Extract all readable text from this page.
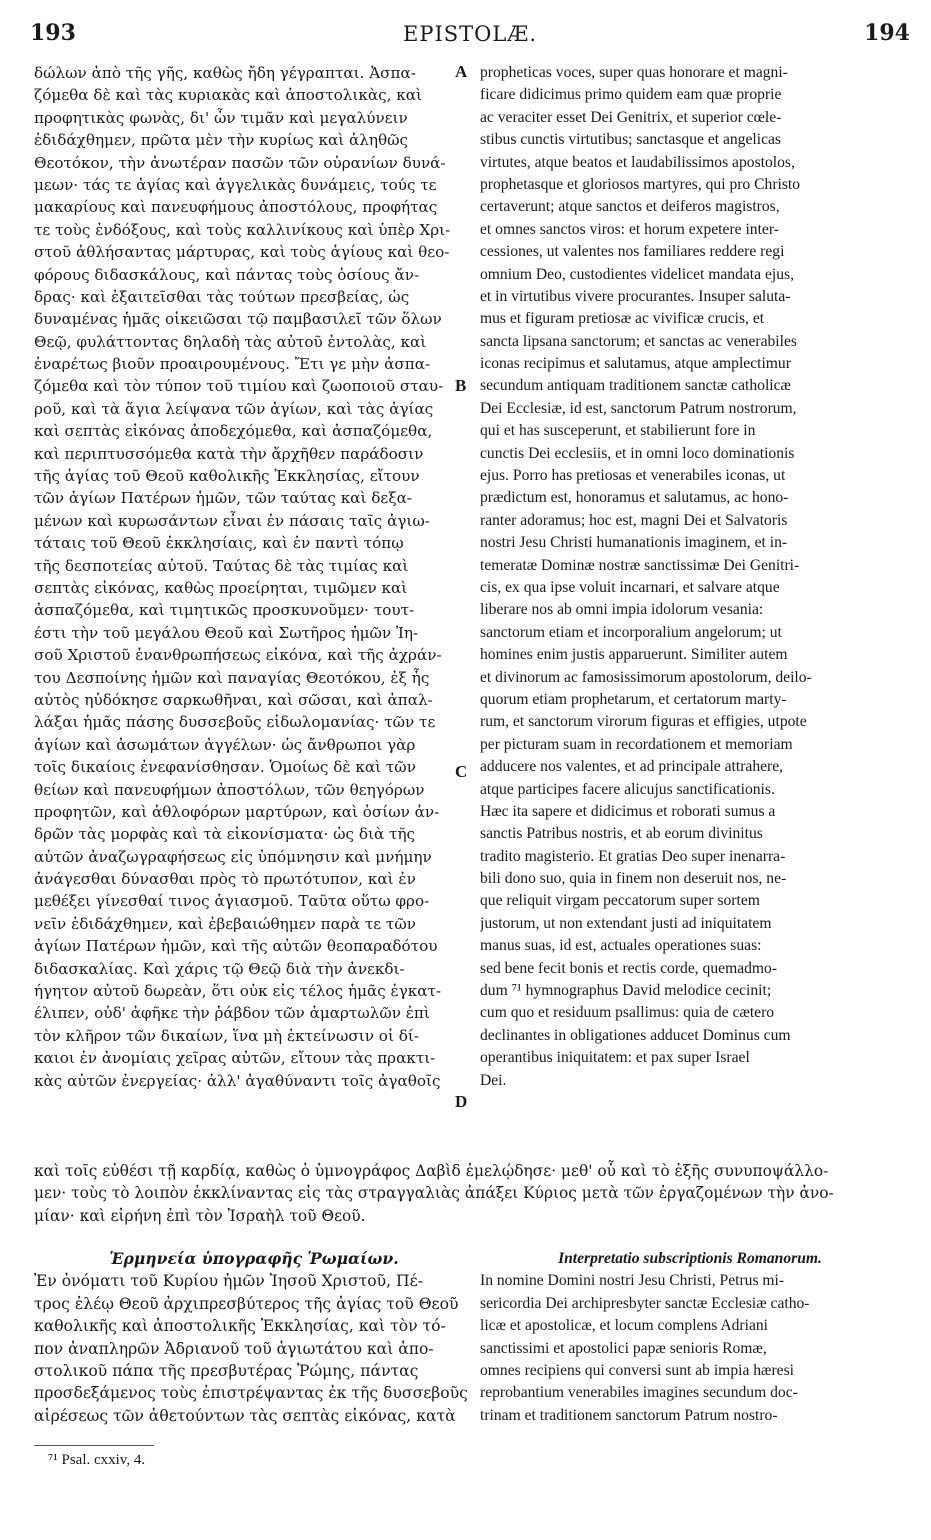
193	EPISTOLÆ.	194
δώλων ἀπὸ τῆς γῆς, καθὼς ἤδη γέγραπται. Ἀσπα-
ζόμεθα δὲ καὶ τὰς κυριακὰς καὶ ἀποστολικὰς, καὶ
προφητικὰς φωνὰς, δι' ὧν τιμᾶν καὶ μεγαλύνειν
ἐδιδάχθημεν, πρῶτα μὲν τὴν κυρίως καὶ ἀληθῶς
Θεοτόκον, τὴν ἀνωτέραν πασῶν τῶν οὐρανίων δυνά-
μεων· τάς τε ἁγίας καὶ ἀγγελικὰς δυνάμεις, τούς τε
μακαρίους καὶ πανευφήμους ἀποστόλους, προφήτας
τε τοὺς ἐνδόξους, καὶ τοὺς καλλινίκους καὶ ὑπὲρ Χρι-
στοῦ ἀθλήσαντας μάρτυρας, καὶ τοὺς ἁγίους καὶ θεο-
φόρους διδασκάλους, καὶ πάντας τοὺς ὁσίους ἄν-
δρας· καὶ ἐξαιτεῖσθαι τὰς τούτων πρεσβείας, ὡς
δυναμένας ἡμᾶς οἰκειῶσαι τῷ παμβασιλεῖ τῶν ὅλων
Θεῷ, φυλάττοντας δηλαδὴ τὰς αὐτοῦ ἐντολὰς, καὶ
ἐναρέτως βιοῦν προαιρουμένους. Ἔτι γε μὴν ἀσπα-
ζόμεθα καὶ τὸν τύπον τοῦ τιμίου καὶ ζωοποιοῦ σταυ-
ροῦ, καὶ τὰ ἅγια λείψανα τῶν ἁγίων, καὶ τὰς ἁγίας
καὶ σεπτὰς εἰκόνας ἀποδεχόμεθα, καὶ ἀσπαζόμεθα,
καὶ περιπτυσσόμεθα κατὰ τὴν ἄρχῆθεν παράδοσιν
τῆς ἁγίας τοῦ Θεοῦ καθολικῆς Ἐκκλησίας, εἴτουν
τῶν ἁγίων Πατέρων ἡμῶν, τῶν ταύτας καὶ δεξα-
μένων καὶ κυρωσάντων εἶναι ἐν πάσαις ταῖς ἁγιω-
τάταις τοῦ Θεοῦ ἐκκλησίαις, καὶ ἐν παντὶ τόπῳ
τῆς δεσποτείας αὐτοῦ. Ταύτας δὲ τὰς τιμίας καὶ
σεπτὰς εἰκόνας, καθὼς προείρηται, τιμῶμεν καὶ
ἀσπαζόμεθα, καὶ τιμητικῶς προσκυνοῦμεν· τουτ-
έστι τὴν τοῦ μεγάλου Θεοῦ καὶ Σωτῆρος ἡμῶν Ἰη-
σοῦ Χριστοῦ ἐνανθρωπήσεως εἰκόνα, καὶ τῆς ἀχράν-
του Δεσποίνης ἡμῶν καὶ παναγίας Θεοτόκου, ἐξ ἧς
αὐτὸς ηὐδόκησε σαρκωθῆναι, καὶ σῶσαι, καὶ ἀπαλ-
λάξαι ἡμᾶς πάσης δυσσεβοῦς εἰδωλομανίας· τῶν τε
ἁγίων καὶ ἀσωμάτων ἀγγέλων· ὡς ἄνθρωποι γὰρ
τοῖς δικαίοις ἐνεφανίσθησαν. Ὁμοίως δὲ καὶ τῶν
θείων καὶ πανευφήμων ἀποστόλων, τῶν θεηγόρων
προφητῶν, καὶ ἀθλοφόρων μαρτύρων, καὶ ὁσίων ἀν-
δρῶν τὰς μορφὰς καὶ τὰ εἰκονίσματα· ὡς διὰ τῆς
αὐτῶν ἀναζωγραφήσεως εἰς ὑπόμνησιν καὶ μνήμην
ἀνάγεσθαι δύνασθαι πρὸς τὸ πρωτότυπον, καὶ ἐν
μεθέξει γίνεσθαί τινος ἁγιασμοῦ. Ταῦτα οὕτω φρο-
νεῖν ἐδιδάχθημεν, καὶ ἐβεβαιώθημεν παρὰ τε τῶν
ἁγίων Πατέρων ἡμῶν, καὶ τῆς αὐτῶν θεοπαραδότου
διδασκαλίας. Καὶ χάρις τῷ Θεῷ διὰ τὴν ἀνεκδι-
ήγητον αὐτοῦ δωρεὰν, ὅτι οὐκ εἰς τέλος ἡμᾶς ἐγκατ-
έλιπεν, οὐδ' ἀφῆκε τὴν ῥάβδον τῶν ἁμαρτωλῶν ἐπὶ
τὸν κλῆρον τῶν δικαίων, ἵνα μὴ ἐκτείνωσιν οἱ δί-
καιοι ἐν ἀνομίαις χεῖρας αὐτῶν, εἴτουν τὰς πρακτι-
κὰς αὐτῶν ἐνεργείας· ἀλλ' ἀγαθύναντι τοῖς ἀγαθοῖς
A
B
C
D
propheticas voces, super quas honorare et magni-
ficare didicimus primo quidem eam quæ proprie
ac veraciter esset Dei Genitrix, et superior cœle-
stibus cunctis virtutibus; sanctasque et angelicas
virtutes, atque beatos et laudabilissimos apostolos,
prophetasque et gloriosos martyres, qui pro Christo
certaverunt; atque sanctos et deiferos magistros,
et omnes sanctos viros: et horum expetere inter-
cessiones, ut valentes nos familiares reddere regi
omnium Deo, custodientes videlicet mandata ejus,
et in virtutibus vivere procurantes. Insuper saluta-
mus et figuram pretiosæ ac vivificæ crucis, et
sancta lipsana sanctorum; et sanctas ac venerabiles
iconas recipimus et salutamus, atque amplectimur
secundum antiquam traditionem sanctæ catholicæ
Dei Ecclesiæ, id est, sanctorum Patrum nostrorum,
qui et has susceperunt, et stabilierunt fore in
cunctis Dei ecclesiis, et in omni loco dominationis
ejus. Porro has pretiosas et venerabiles iconas, ut
prædictum est, honoramus et salutamus, ac hono-
ranter adoramus; hoc est, magni Dei et Salvatoris
nostri Jesu Christi humanationis imaginem, et in-
temeratæ Dominæ nostræ sanctissimæ Dei Genitri-
cis, ex qua ipse voluit incarnari, et salvare atque
liberare nos ab omni impia idolorum vesania:
sanctorum etiam et incorporalium angelorum; ut
homines enim justis apparuerunt. Similiter autem
et divinorum ac famosissimorum apostolorum, deilo-
quorum etiam prophetarum, et certatorum marty-
rum, et sanctorum virorum figuras et effigies, utpote
per picturam suam in recordationem et memoriam
adducere nos valentes, et ad principale attrahere,
atque participes facere alicujus sanctificationis.
Hæc ita sapere et didicimus et roborati sumus a
sanctis Patribus nostris, et ab eorum divinitus
tradito magisterio. Et gratias Deo super inenarra-
bili dono suo, quia in finem non deseruit nos, ne-
que reliquit virgam peccatorum super sortem
justorum, ut non extendant justi ad iniquitatem
manus suas, id est, actuales operationes suas:
sed bene fecit bonis et rectis corde, quemadmo-
dum ⁷¹ hymnographus David melodice cecinit;
cum quo et residuum psallimus: quia de cætero
declinantes in obligationes adducet Dominus cum
operantibus iniquitatem: et pax super Israel
Dei.
καὶ τοῖς εὐθέσι τῇ καρδίᾳ, καθὼς ὁ ὑμνογράφος Δαβὶδ ἐμελῴδησε· μεθ' οὗ καὶ τὸ ἑξῆς συνυποψάλλο-
μεν· τοὺς τὸ λοιπὸν ἐκκλίναντας εἰς τὰς στραγγαλιὰς ἀπάξει Κύριος μετὰ τῶν ἐργαζομένων τὴν ἀνο-
μίαν· καὶ εἰρήνη ἐπὶ τὸν Ἰσραὴλ τοῦ Θεοῦ.
Ἑρμηνεία ὑπογραφῆς Ῥωμαίων.
Ἐν ὀνόματι τοῦ Κυρίου ἡμῶν Ἰησοῦ Χριστοῦ, Πέ-
τρος ἐλέῳ Θεοῦ ἀρχιπρεσβύτερος τῆς ἁγίας τοῦ Θεοῦ
καθολικῆς καὶ ἀποστολικῆς Ἐκκλησίας, καὶ τὸν τό-
πον ἀναπληρῶν Ἀδριανοῦ τοῦ ἁγιωτάτου καὶ ἀπο-
στολικοῦ πάπα τῆς πρεσβυτέρας Ῥώμης, πάντας
προσδεξάμενος τοὺς ἐπιστρέψαντας ἐκ τῆς δυσσεβοῦς
αἱρέσεως τῶν ἀθετούντων τὰς σεπτὰς εἰκόνας, κατὰ
Interpretatio subscriptionis Romanorum.
In nomine Domini nostri Jesu Christi, Petrus mi-
sericordia Dei archipresbyter sanctæ Ecclesiæ catho-
licæ et apostolicæ, et locum complens Adriani
sanctissimi et apostolici papæ senioris Romæ,
omnes recipiens qui conversi sunt ab impia hæresi
reprobantium venerabiles imagines secundum doc-
trinam et traditionem sanctorum Patrum nostro-
⁷¹ Psal. cxxiv, 4.
